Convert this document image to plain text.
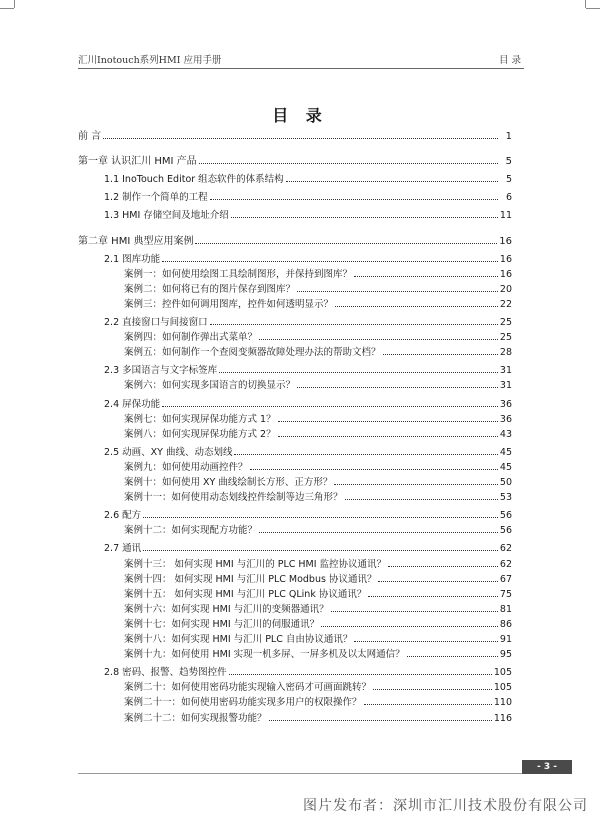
汇川Inotouch系列HMI 应用手册	目录
目 录
前 言	1
第一章 认识汇川 HMI 产品	5
1.1 InoTouch Editor 组态软件的体系结构	5
1.2 制作一个简单的工程	6
1.3 HMI 存储空间及地址介绍	11
第二章 HMI 典型应用案例	16
2.1 图库功能	16
案例一：如何使用绘图工具绘制图形，并保持到图库？	16
案例二：如何将已有的图片保存到图库？	20
案例三：控件如何调用图库，控件如何透明显示？	22
2.2 直接窗口与间接窗口	25
案例四：如何制作弹出式菜单？	25
案例五：如何制作一个查阅变频器故障处理办法的帮助文档？	28
2.3 多国语言与文字标签库	31
案例六：如何实现多国语言的切换显示？	31
2.4 屏保功能	36
案例七：如何实现屏保功能方式 1？	36
案例八：如何实现屏保功能方式 2？	43
2.5 动画、XY 曲线、动态划线	45
案例九：如何使用动画控件？	45
案例十：如何使用 XY 曲线绘制长方形、正方形？	50
案例十一：如何使用动态划线控件绘制等边三角形？	53
2.6 配方	56
案例十二：如何实现配方功能？	56
2.7 通讯	62
案例十三： 如何实现 HMI 与汇川的 PLC HMI 监控协议通讯？	62
案例十四： 如何实现 HMI 与汇川 PLC Modbus 协议通讯？	67
案例十五： 如何实现 HMI 与汇川 PLC QLink 协议通讯？	75
案例十六：如何实现 HMI 与汇川的变频器通讯？	81
案例十七：如何实现 HMI 与汇川的伺服通讯？	86
案例十八：如何实现 HMI 与汇川 PLC 自由协议通讯？	91
案例十九：如何使用 HMI 实现一机多屏、一屏多机及以太网通信？	95
2.8 密码、报警、趋势图控件	105
案例二十：如何使用密码功能实现输入密码才可画面跳转？	105
案例二十一：如何使用密码功能实现多用户的权限操作？	110
案例二十二：如何实现报警功能？	116
- 3 -
图片发布者：深圳市汇川技术股份有限公司
